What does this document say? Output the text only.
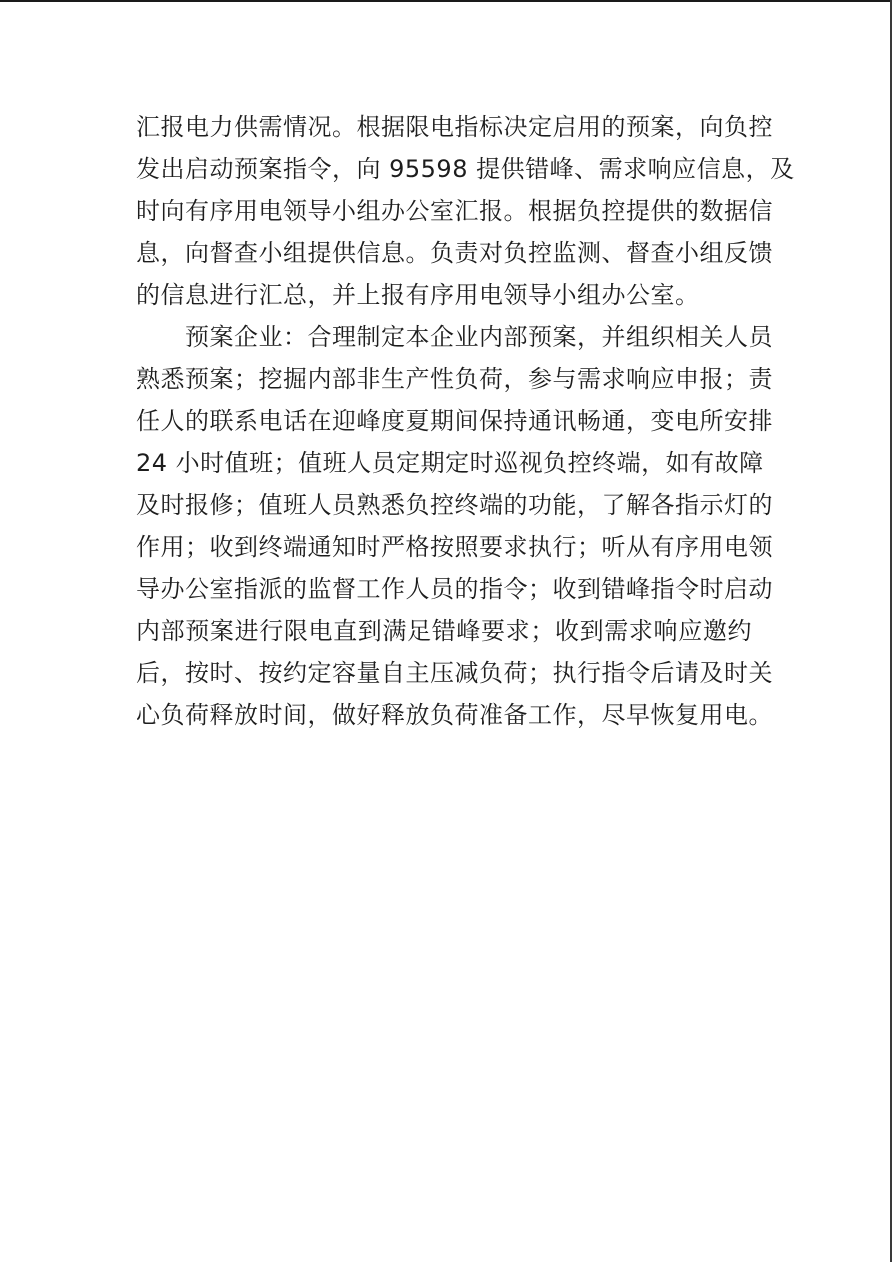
汇报电力供需情况。根据限电指标决定启用的预案，向负控
发出启动预案指令，向 95598 提供错峰、需求响应信息，及
时向有序用电领导小组办公室汇报。根据负控提供的数据信
息，向督查小组提供信息。负责对负控监测、督查小组反馈
的信息进行汇总，并上报有序用电领导小组办公室。
　　预案企业：合理制定本企业内部预案，并组织相关人员
熟悉预案；挖掘内部非生产性负荷，参与需求响应申报；责
任人的联系电话在迎峰度夏期间保持通讯畅通，变电所安排
24 小时值班；值班人员定期定时巡视负控终端，如有故障
及时报修；值班人员熟悉负控终端的功能，了解各指示灯的
作用；收到终端通知时严格按照要求执行；听从有序用电领
导办公室指派的监督工作人员的指令；收到错峰指令时启动
内部预案进行限电直到满足错峰要求；收到需求响应邀约
后，按时、按约定容量自主压减负荷；执行指令后请及时关
心负荷释放时间，做好释放负荷准备工作，尽早恢复用电。
